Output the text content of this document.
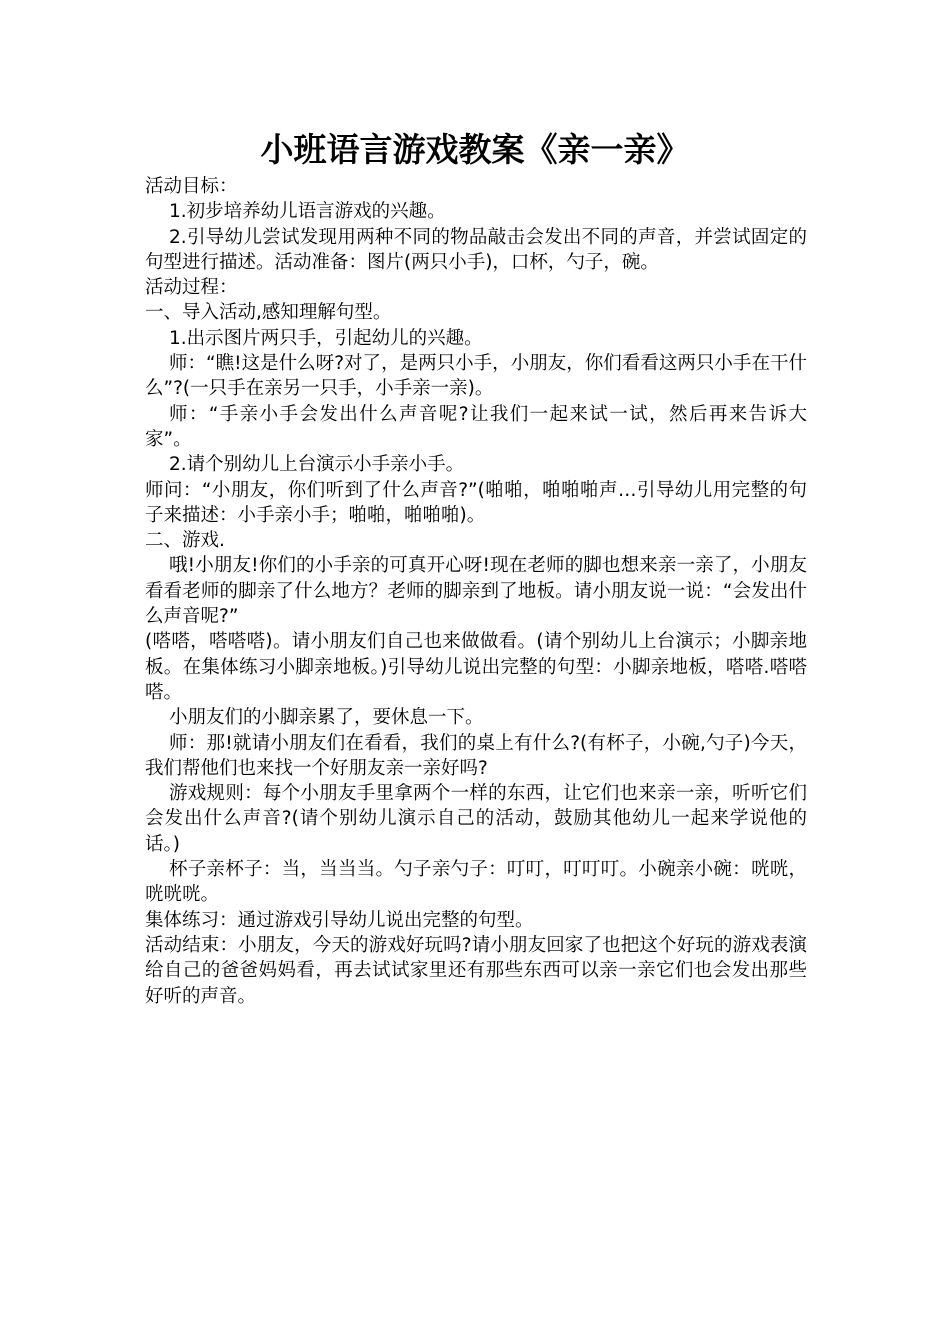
小班语言游戏教案《亲一亲》

活动目标：

1.初步培养幼儿语言游戏的兴趣。

2.引导幼儿尝试发现用两种不同的物品敲击会发出不同的声音，并尝试固定的句型进行描述。活动准备：图片(两只小手)，口杯，勺子，碗。

活动过程：

一、导入活动,感知理解句型。

1.出示图片两只手，引起幼儿的兴趣。

师：“瞧!这是什么呀?对了，是两只小手，小朋友，你们看看这两只小手在干什么”?(一只手在亲另一只手，小手亲一亲)。

师：“手亲小手会发出什么声音呢?让我们一起来试一试，然后再来告诉大家”。

2.请个别幼儿上台演示小手亲小手。

师问：“小朋友，你们听到了什么声音?”(啪啪，啪啪啪声…引导幼儿用完整的句子来描述：小手亲小手；啪啪，啪啪啪)。

二、游戏.

哦!小朋友!你们的小手亲的可真开心呀!现在老师的脚也想来亲一亲了，小朋友看看老师的脚亲了什么地方？老师的脚亲到了地板。请小朋友说一说：“会发出什么声音呢?”

(嗒嗒，嗒嗒嗒)。请小朋友们自己也来做做看。(请个别幼儿上台演示；小脚亲地板。在集体练习小脚亲地板。)引导幼儿说出完整的句型：小脚亲地板，嗒嗒.嗒嗒嗒。

小朋友们的小脚亲累了，要休息一下。

师：那!就请小朋友们在看看，我们的桌上有什么?(有杯子，小碗,勺子)今天，我们帮他们也来找一个好朋友亲一亲好吗?

游戏规则：每个小朋友手里拿两个一样的东西，让它们也来亲一亲，听听它们会发出什么声音?(请个别幼儿演示自己的活动，鼓励其他幼儿一起来学说他的话。)

杯子亲杯子：当，当当当。勺子亲勺子：叮叮，叮叮叮。小碗亲小碗：咣咣，咣咣咣。

集体练习：通过游戏引导幼儿说出完整的句型。

活动结束：小朋友，今天的游戏好玩吗?请小朋友回家了也把这个好玩的游戏表演给自己的爸爸妈妈看，再去试试家里还有那些东西可以亲一亲它们也会发出那些好听的声音。
